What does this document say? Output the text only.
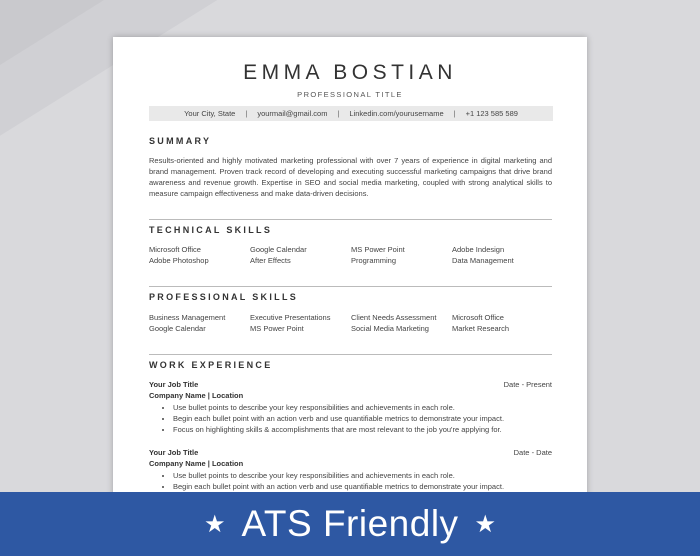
EMMA BOSTIAN
PROFESSIONAL TITLE
Your City, State | yourmail@gmail.com | Linkedin.com/yourusername | +1 123 585 589
SUMMARY

Results-oriented and highly motivated marketing professional with over 7 years of experience in digital marketing and brand management. Proven track record of developing and executing successful marketing campaigns that drive brand awareness and revenue growth. Expertise in SEO and social media marketing, coupled with strong analytical skills to measure campaign effectiveness and make data-driven decisions.

TECHNICAL SKILLS
Microsoft Office	Google Calendar	MS Power Point	Adobe Indesign
Adobe Photoshop	After Effects	Programming	Data Management
PROFESSIONAL SKILLS
Business Management	Executive Presentations	Client Needs Assessment	Microsoft Office
Google Calendar	MS Power Point	Social Media Marketing	Market Research
WORK EXPERIENCE
Your Job Title	Date - Present
Company Name | Location
• Use bullet points to describe your key responsibilities and achievements in each role.
• Begin each bullet point with an action verb and use quantifiable metrics to demonstrate your impact.
• Focus on highlighting skills & accomplishments that are most relevant to the job you're applying for.
Your Job Title	Date - Date
Company Name | Location
• Use bullet points to describe your key responsibilities and achievements in each role.
• Begin each bullet point with an action verb and use quantifiable metrics to demonstrate your impact.
★ ATS Friendly ★
